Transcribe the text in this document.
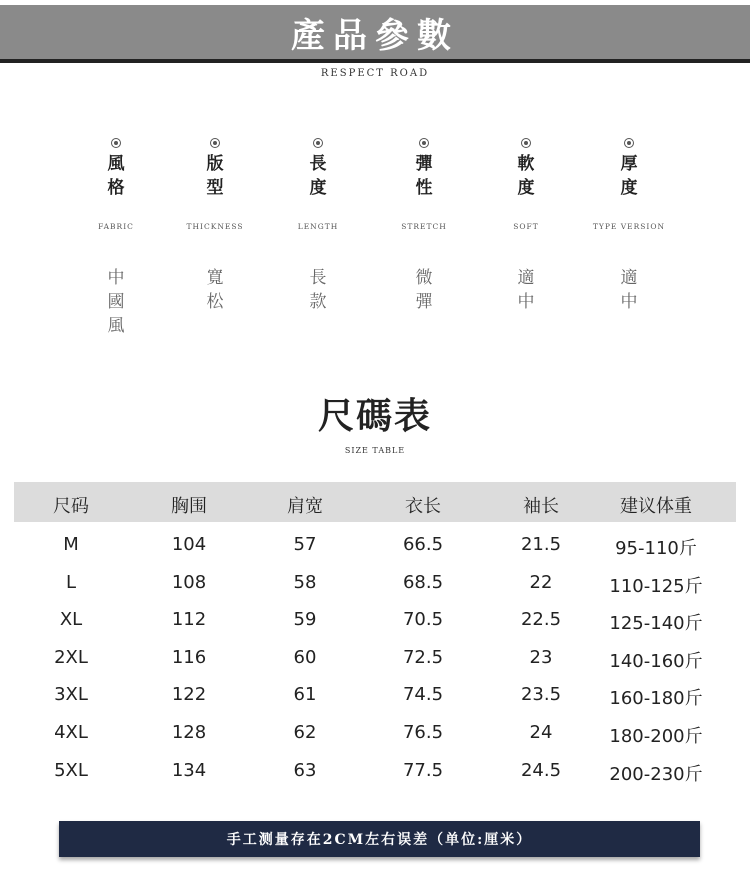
產品參數
RESPECT ROAD
風格
FABRIC
中國風
版型
THICKNESS
寬松
長度
LENGTH
長款
彈性
STRETCH
微彈
軟度
SOFT
適中
厚度
TYPE VERSION
適中
尺碼表
SIZE TABLE
尺码	胸围	肩宽	衣长	袖长	建议体重
M	104	57	66.5	21.5	95-110斤
L	108	58	68.5	22	110-125斤
XL	112	59	70.5	22.5	125-140斤
2XL	116	60	72.5	23	140-160斤
3XL	122	61	74.5	23.5	160-180斤
4XL	128	62	76.5	24	180-200斤
5XL	134	63	77.5	24.5	200-230斤
手工测量存在2CM左右误差（单位:厘米）
